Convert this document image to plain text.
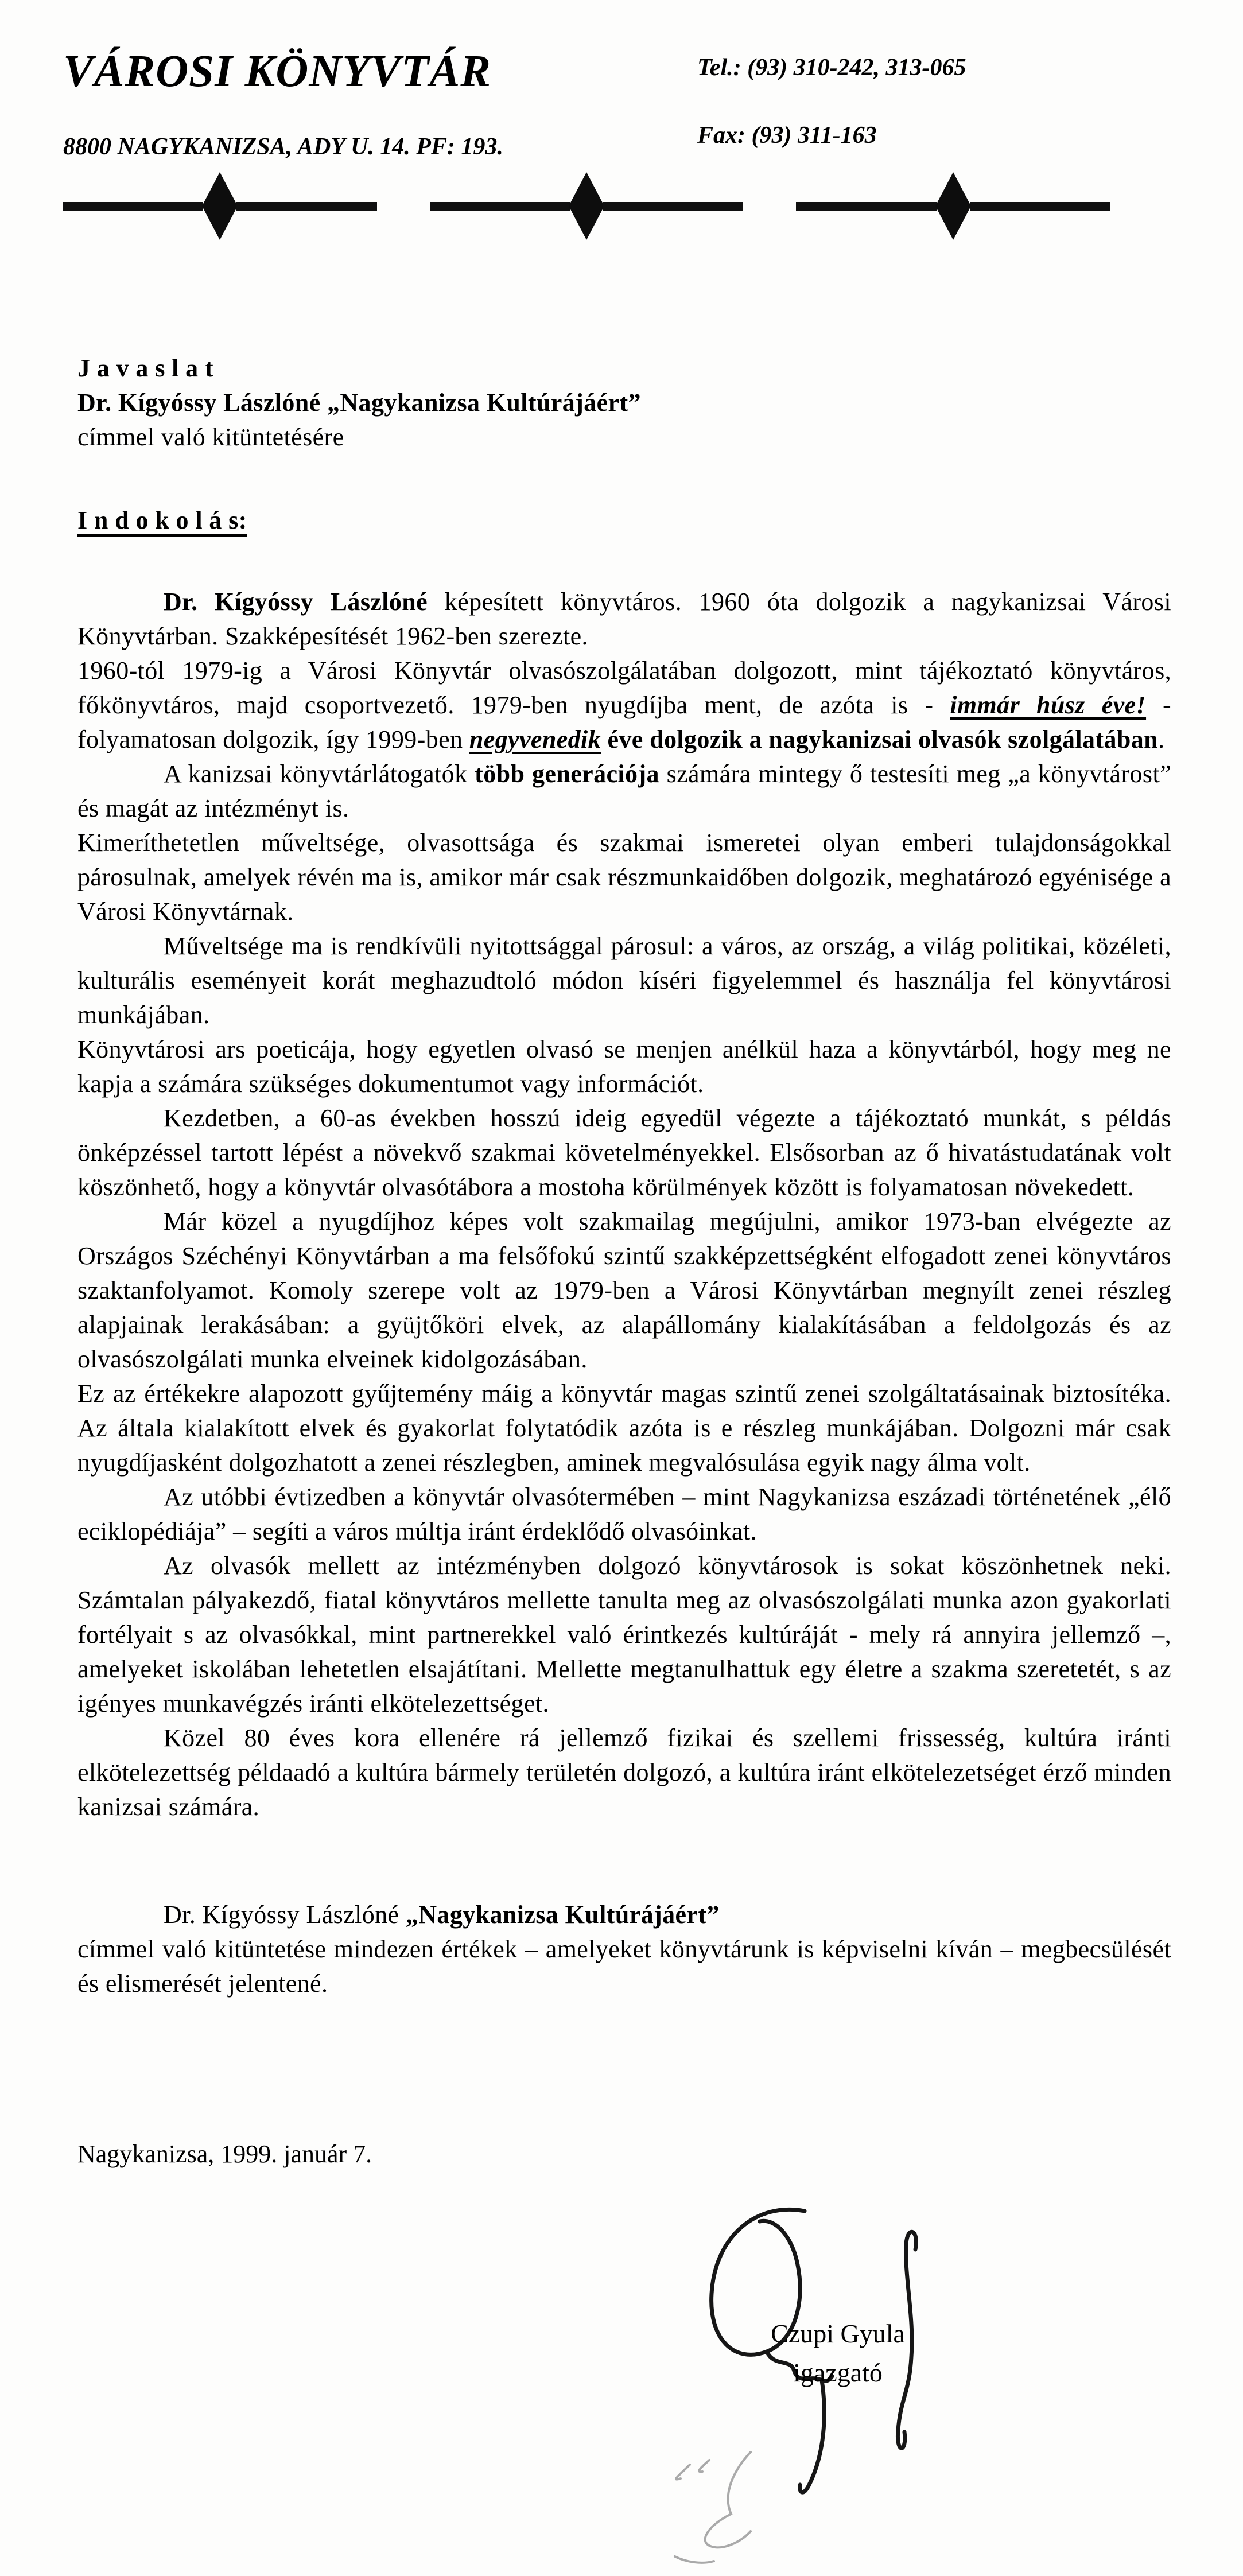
VÁROSI KÖNYVTÁR
8800 NAGYKANIZSA, ADY U. 14. PF: 193.
Tel.: (93) 310-242, 313-065
Fax: (93) 311-163

J a v a s l a t

Dr. Kígyóssy Lászlóné „Nagykanizsa Kultúrájáért”

címmel való kitüntetésére

I n d o k o l á s:

Dr. Kígyóssy Lászlóné képesített könyvtáros. 1960 óta dolgozik a nagykanizsai Városi Könyvtárban. Szakképesítését 1962-ben szerezte.

1960-tól 1979-ig a Városi Könyvtár olvasószolgálatában dolgozott, mint tájékoztató könyvtáros, főkönyvtáros, majd csoportvezető. 1979-ben nyugdíjba ment, de azóta is - immár húsz éve! - folyamatosan dolgozik, így 1999-ben negyvenedik éve dolgozik a nagykanizsai olvasók szolgálatában.

A kanizsai könyvtárlátogatók több generációja számára mintegy ő testesíti meg „a könyvtárost” és magát az intézményt is.

Kimeríthetetlen műveltsége, olvasottsága és szakmai ismeretei olyan emberi tulajdonságokkal párosulnak, amelyek révén ma is, amikor már csak részmunkaidőben dolgozik, meghatározó egyénisége a Városi Könyvtárnak.

Műveltsége ma is rendkívüli nyitottsággal párosul: a város, az ország, a világ politikai, közéleti, kulturális eseményeit korát meghazudtoló módon kíséri figyelemmel és használja fel könyvtárosi munkájában.

Könyvtárosi ars poeticája, hogy egyetlen olvasó se menjen anélkül haza a könyvtárból, hogy meg ne kapja a számára szükséges dokumentumot vagy információt.

Kezdetben, a 60-as években hosszú ideig egyedül végezte a tájékoztató munkát, s példás önképzéssel tartott lépést a növekvő szakmai követelményekkel. Elsősorban az ő hivatástudatának volt köszönhető, hogy a könyvtár olvasótábora a mostoha körülmények között is folyamatosan növekedett.

Már közel a nyugdíjhoz képes volt szakmailag megújulni, amikor 1973-ban elvégezte az Országos Széchényi Könyvtárban a ma felsőfokú szintű szakképzettségként elfogadott zenei könyvtáros szaktanfolyamot. Komoly szerepe volt az 1979-ben a Városi Könyvtárban megnyílt zenei részleg alapjainak lerakásában: a gyüjtőköri elvek, az alapállomány kialakításában a feldolgozás és az olvasószolgálati munka elveinek kidolgozásában.

Ez az értékekre alapozott gyűjtemény máig a könyvtár magas szintű zenei szolgáltatásainak biztosítéka. Az általa kialakított elvek és gyakorlat folytatódik azóta is e részleg munkájában. Dolgozni már csak nyugdíjasként dolgozhatott a zenei részlegben, aminek megvalósulása egyik nagy álma volt.

Az utóbbi évtizedben a könyvtár olvasótermében – mint Nagykanizsa eszázadi történetének „élő eciklopédiája” – segíti a város múltja iránt érdeklődő olvasóinkat.

Az olvasók mellett az intézményben dolgozó könyvtárosok is sokat köszönhetnek neki. Számtalan pályakezdő, fiatal könyvtáros mellette tanulta meg az olvasószolgálati munka azon gyakorlati fortélyait s az olvasókkal, mint partnerekkel való érintkezés kultúráját - mely rá annyira jellemző –, amelyeket iskolában lehetetlen elsajátítani. Mellette megtanulhattuk egy életre a szakma szeretetét, s az igényes munkavégzés iránti elkötelezettséget.

Közel 80 éves kora ellenére rá jellemző fizikai és szellemi frissesség, kultúra iránti elkötelezettség példaadó a kultúra bármely területén dolgozó, a kultúra iránt elkötelezetséget érző minden kanizsai számára.

Dr. Kígyóssy Lászlóné „Nagykanizsa Kultúrájáért”

címmel való kitüntetése mindezen értékek – amelyeket könyvtárunk is képviselni kíván – megbecsülését és elismerését jelentené.

Nagykanizsa, 1999. január 7.

Czupi Gyula
igazgató
